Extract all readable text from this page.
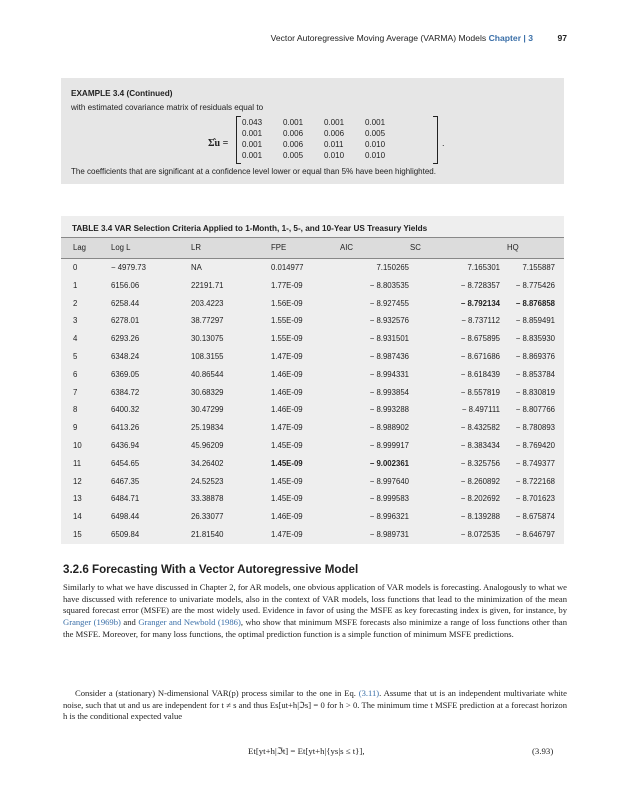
Vector Autoregressive Moving Average (VARMA) Models Chapter | 3	97
EXAMPLE 3.4 (Continued)
with estimated covariance matrix of residuals equal to
Σ̂u =
0.043	0.001	0.001	0.001
0.001	0.006	0.006	0.005
0.001	0.006	0.011	0.010
0.001	0.005	0.010	0.010
.
The coefficients that are significant at a confidence level lower or equal than 5% have been highlighted.
TABLE 3.4 VAR Selection Criteria Applied to 1-Month, 1-, 5-, and 10-Year US Treasury Yields
Lag	Log L	LR	FPE	AIC	SC	HQ
0	− 4979.73	NA	0.014977	7.150265	7.165301	7.155887
1	6156.06	22191.71	1.77E-09	− 8.803535	− 8.728357	− 8.775426
2	6258.44	203.4223	1.56E-09	− 8.927455	− 8.792134	− 8.876858
3	6278.01	38.77297	1.55E-09	− 8.932576	− 8.737112	− 8.859491
4	6293.26	30.13075	1.55E-09	− 8.931501	− 8.675895	− 8.835930
5	6348.24	108.3155	1.47E-09	− 8.987436	− 8.671686	− 8.869376
6	6369.05	40.86544	1.46E-09	− 8.994331	− 8.618439	− 8.853784
7	6384.72	30.68329	1.46E-09	− 8.993854	− 8.557819	− 8.830819
8	6400.32	30.47299	1.46E-09	− 8.993288	− 8.497111	− 8.807766
9	6413.26	25.19834	1.47E-09	− 8.988902	− 8.432582	− 8.780893
10	6436.94	45.96209	1.45E-09	− 8.999917	− 8.383434	− 8.769420
11	6454.65	34.26402	1.45E-09	− 9.002361	− 8.325756	− 8.749377
12	6467.35	24.52523	1.45E-09	− 8.997640	− 8.260892	− 8.722168
13	6484.71	33.38878	1.45E-09	− 8.999583	− 8.202692	− 8.701623
14	6498.44	26.33077	1.46E-09	− 8.996321	− 8.139288	− 8.675874
15	6509.84	21.81540	1.47E-09	− 8.989731	− 8.072535	− 8.646797
3.2.6 Forecasting With a Vector Autoregressive Model
Similarly to what we have discussed in Chapter 2, for AR models, one obvious application of VAR models is forecasting. Analogously to what we have discussed with reference to univariate models, also in the context of VAR models, loss functions that lead to the minimization of the mean squared forecast error (MSFE) are the most widely used. Evidence in favor of using the MSFE as key forecasting index is given, for instance, by Granger (1969b) and Granger and Newbold (1986), who show that minimum MSFE forecasts also minimize a range of loss functions other than the MSFE. Moreover, for many loss functions, the optimal prediction function is a simple function of minimum MSFE predictions.
Consider a (stationary) N-dimensional VAR(p) process similar to the one in Eq. (3.11). Assume that ut is an independent multivariate white noise, such that ut and us are independent for t ≠ s and thus Es[ut+h|ℑs] = 0 for h > 0. The minimum time t MSFE prediction at a forecast horizon h is the conditional expected value
Et[yt+h|ℑt] = Et[yt+h|{ys|s ≤ t}],	(3.93)
